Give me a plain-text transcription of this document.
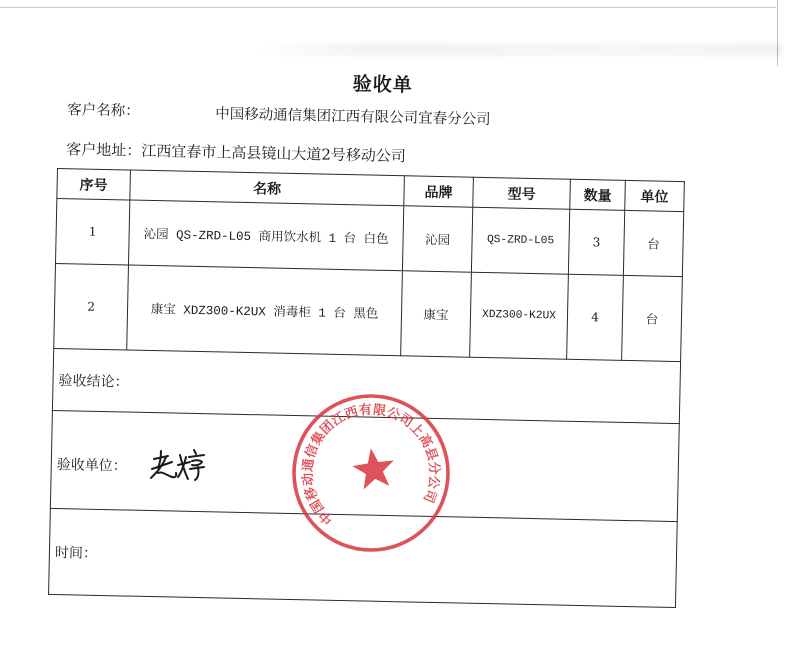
验收单
客户名称：	中国移动通信集团江西有限公司宜春分公司
客户地址：江西宜春市上高县镜山大道2号移动公司
序号	名称	品牌	型号	数量	单位
1	沁园 QS-ZRD-L05 商用饮水机 1 台 白色	沁园	QS-ZRD-L05	3	台
2	康宝 XDZ300-K2UX 消毒柜 1 台 黑色	康宝	XDZ300-K2UX	4	台
验收结论：					
验收单位：					
时间：					
中国移动通信集团江西有限公司上高县分公司
